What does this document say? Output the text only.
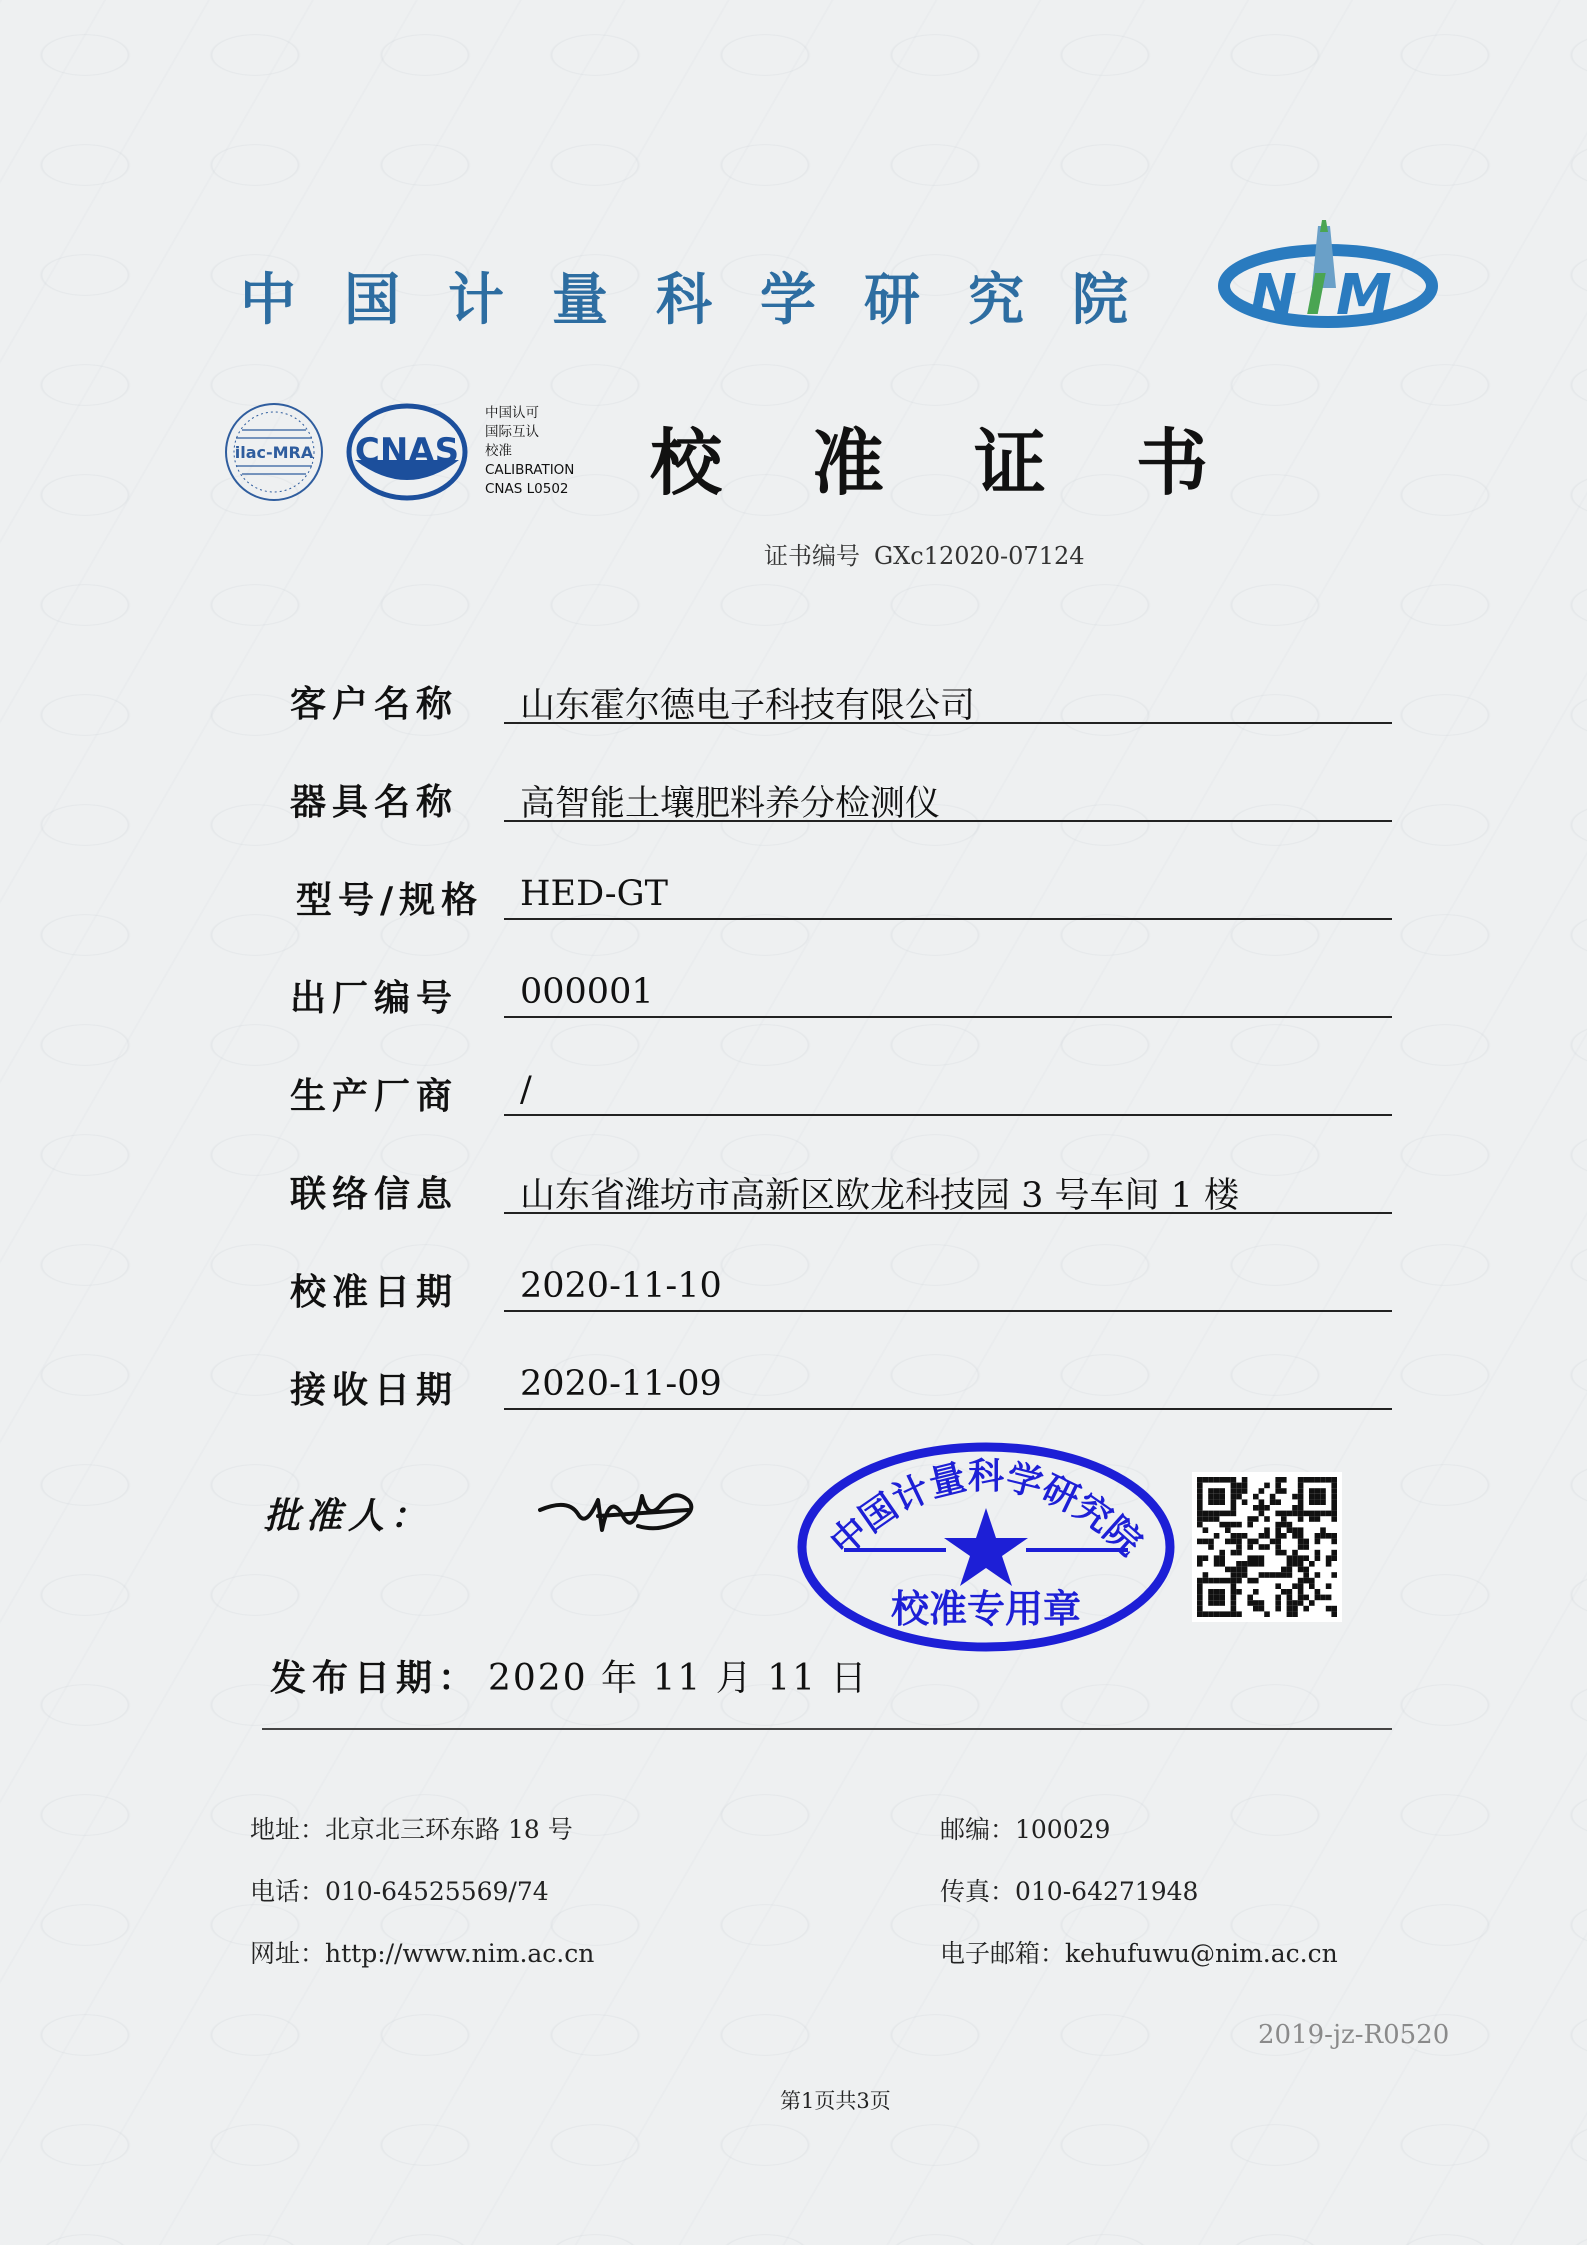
中国计量科学研究院 N I M
ilac-MRA CNAS
中国认可
国际互认
校准
CALIBRATION
CNAS L0502 校准证书
证书编号 GXc12020-07124
客户名称 山东霍尔德电子科技有限公司
器具名称 高智能土壤肥料养分检测仪
型号/规格 HED-GT
出厂编号 000001
生产厂商 /
联络信息 山东省潍坊市高新区欧龙科技园 3 号车间 1 楼
校准日期 2020-11-10
接收日期 2020-11-09
批准人：	中国计量科学研究院
校准专用章
发布日期： 2020 年 11 月 11 日
地址：北京北三环东路 18 号	邮编：100029
电话：010-64525569/74	传真：010-64271948
网址：http://www.nim.ac.cn	电子邮箱：kehufuwu@nim.ac.cn
2019-jz-R0520
第1页共3页
